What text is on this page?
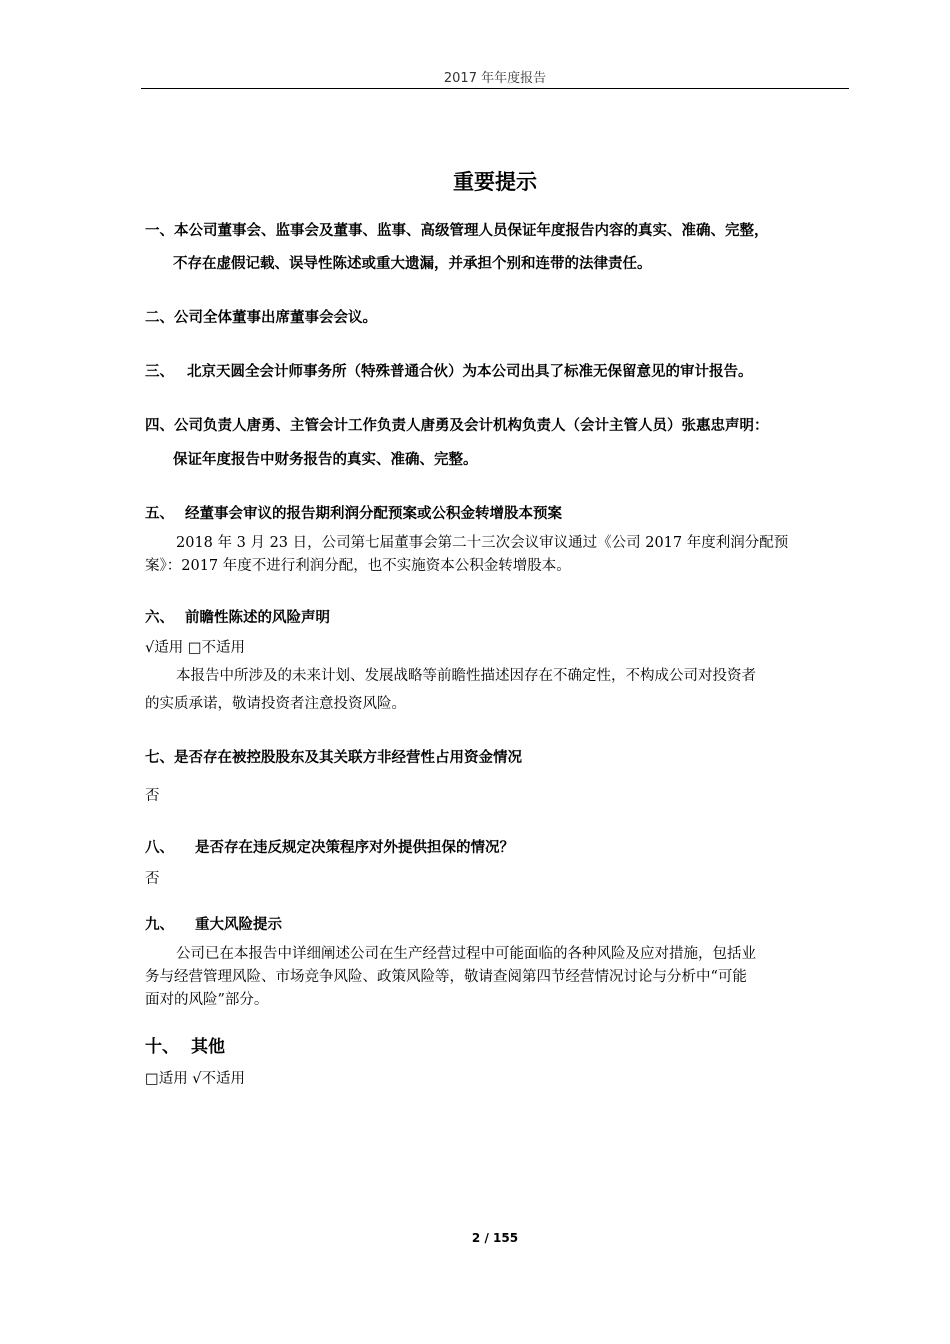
2017 年年度报告
重要提示
一、本公司董事会、监事会及董事、监事、高级管理人员保证年度报告内容的真实、准确、完整，
不存在虚假记载、误导性陈述或重大遗漏，并承担个别和连带的法律责任。
二、公司全体董事出席董事会会议。
三、 北京天圆全会计师事务所（特殊普通合伙）为本公司出具了标准无保留意见的审计报告。
四、公司负责人唐勇、主管会计工作负责人唐勇及会计机构负责人（会计主管人员）张惠忠声明：
保证年度报告中财务报告的真实、准确、完整。
五、 经董事会审议的报告期利润分配预案或公积金转增股本预案
2018 年 3 月 23 日，公司第七届董事会第二十三次会议审议通过《公司 2017 年度利润分配预
案》：2017 年度不进行利润分配，也不实施资本公积金转增股本。
六、 前瞻性陈述的风险声明
√适用 □不适用
本报告中所涉及的未来计划、发展战略等前瞻性描述因存在不确定性，不构成公司对投资者
的实质承诺，敬请投资者注意投资风险。
七、是否存在被控股股东及其关联方非经营性占用资金情况
否
八、 是否存在违反规定决策程序对外提供担保的情况？
否
九、 重大风险提示
公司已在本报告中详细阐述公司在生产经营过程中可能面临的各种风险及应对措施，包括业
务与经营管理风险、市场竞争风险、政策风险等，敬请查阅第四节经营情况讨论与分析中“可能
面对的风险”部分。
十、 其他
□适用 √不适用
2 / 155
